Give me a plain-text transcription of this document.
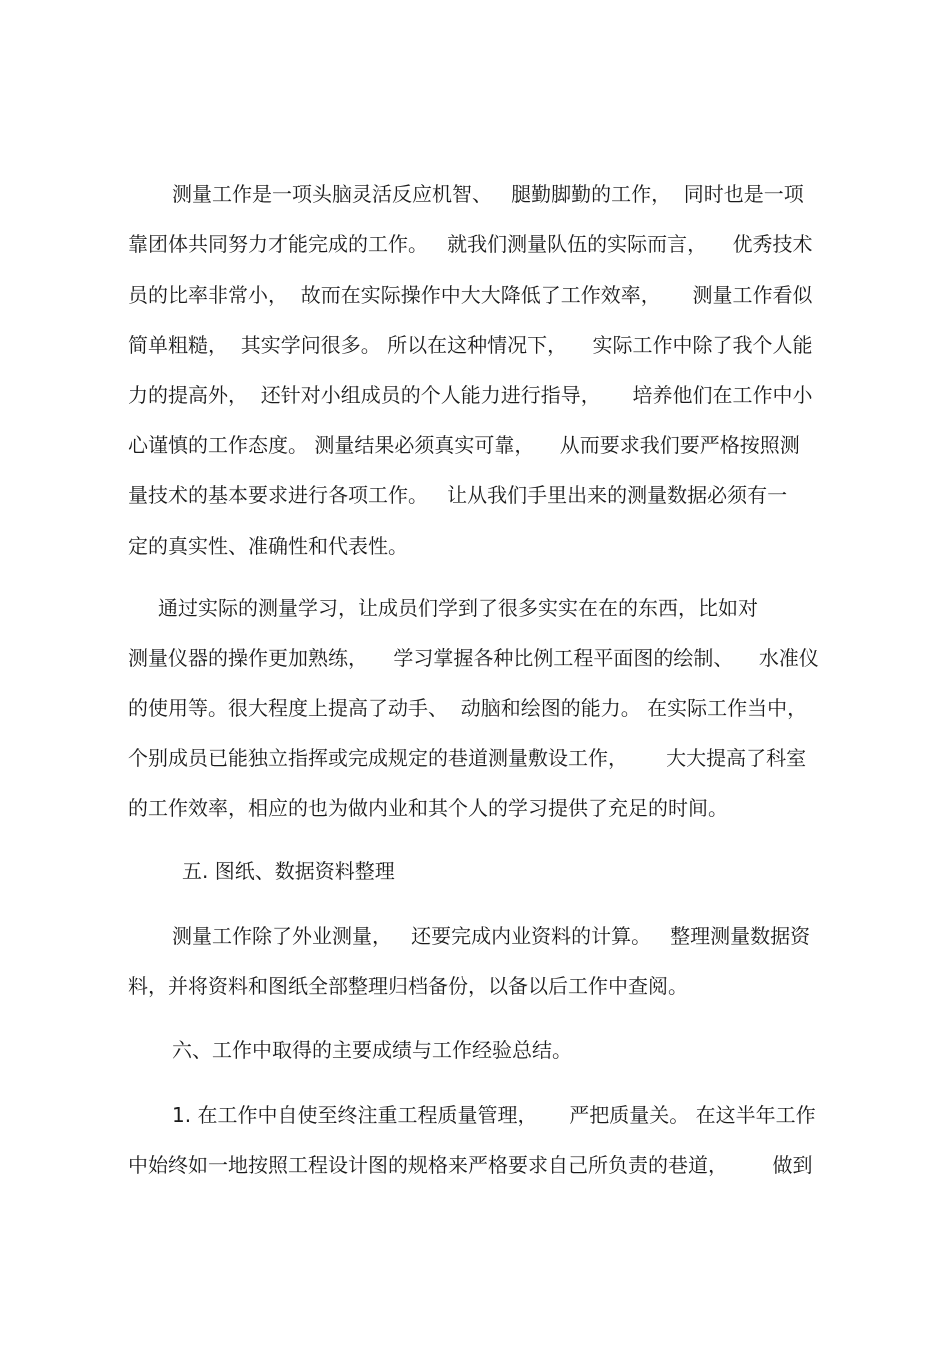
测量工作是一项头脑灵活反应机智、   腿勤脚勤的工作，  同时也是一项

靠团体共同努力才能完成的工作。   就我们测量队伍的实际而言，    优秀技术

员的比率非常小，  故而在实际操作中大大降低了工作效率，     测量工作看似

简单粗糙，  其实学问很多。 所以在这种情况下，    实际工作中除了我个人能

力的提高外，  还针对小组成员的个人能力进行指导，     培养他们在工作中小

心谨慎的工作态度。 测量结果必须真实可靠，    从而要求我们要严格按照测

量技术的基本要求进行各项工作。   让从我们手里出来的测量数据必须有一

定的真实性、准确性和代表性。

通过实际的测量学习，让成员们学到了很多实实在在的东西，比如对

测量仪器的操作更加熟练，    学习掌握各种比例工程平面图的绘制、    水准仪

的使用等。很大程度上提高了动手、  动脑和绘图的能力。 在实际工作当中，

个别成员已能独立指挥或完成规定的巷道测量敷设工作，      大大提高了科室

的工作效率，相应的也为做内业和其个人的学习提供了充足的时间。

五. 图纸、数据资料整理

测量工作除了外业测量，   还要完成内业资料的计算。   整理测量数据资

料，并将资料和图纸全部整理归档备份，以备以后工作中查阅。

六、工作中取得的主要成绩与工作经验总结。

1. 在工作中自使至终注重工程质量管理，     严把质量关。 在这半年工作

中始终如一地按照工程设计图的规格来严格要求自己所负责的巷道，       做到
